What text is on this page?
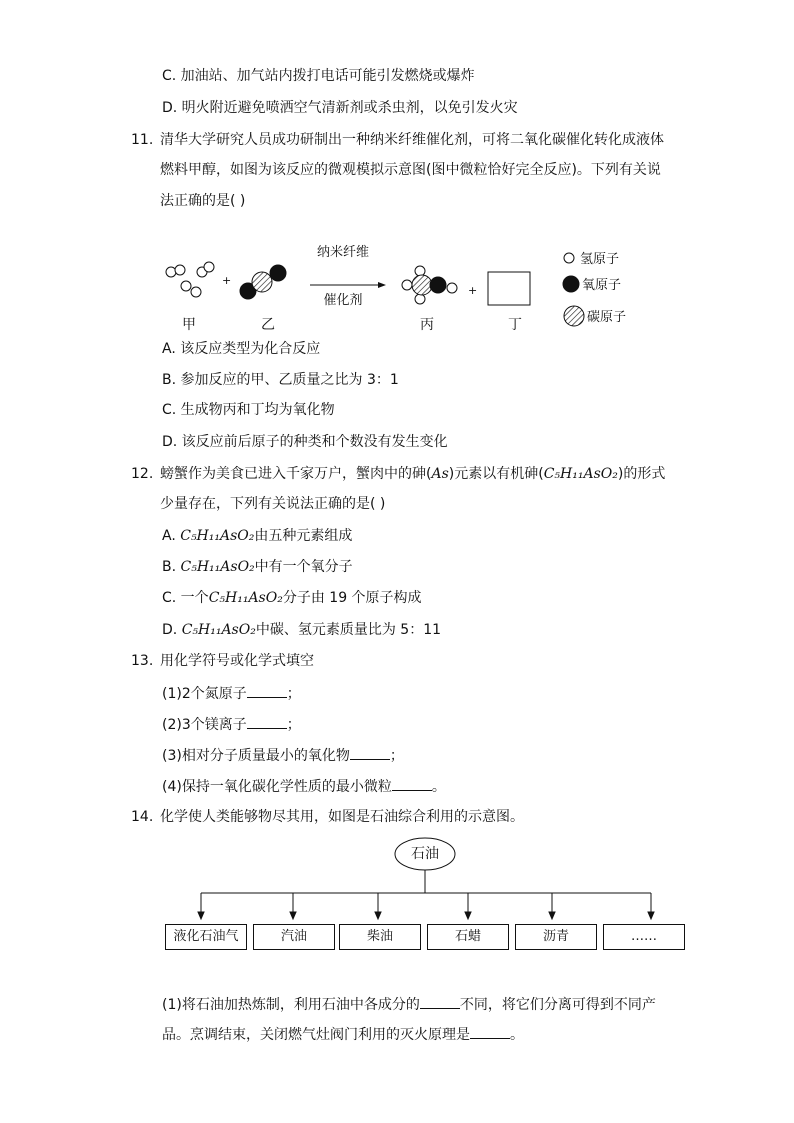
C. 加油站、加气站内拨打电话可能引发燃烧或爆炸
D. 明火附近避免喷洒空气清新剂或杀虫剂，以免引发火灾
11. 清华大学研究人员成功研制出一种纳米纤维催化剂，可将二氧化碳催化转化成液体
燃料甲醇，如图为该反应的微观模拟示意图(图中微粒恰好完全反应)。下列有关说
法正确的是( )
+
纳米纤维
催化剂
+
氢原子
氧原子
碳原子
甲	乙	丙	丁
A. 该反应类型为化合反应
B. 参加反应的甲、乙质量之比为 3：1
C. 生成物丙和丁均为氧化物
D. 该反应前后原子的种类和个数没有发生变化
12. 螃蟹作为美食已进入千家万户，蟹肉中的砷(As)元素以有机砷(C₅H₁₁AsO₂)的形式
少量存在，下列有关说法正确的是( )
A. C₅H₁₁AsO₂由五种元素组成
B. C₅H₁₁AsO₂中有一个氧分子
C. 一个C₅H₁₁AsO₂分子由 19 个原子构成
D. C₅H₁₁AsO₂中碳、氢元素质量比为 5：11
13. 用化学符号或化学式填空
(1)2个氮原子	；
(2)3个镁离子	；
(3)相对分子质量最小的氧化物	；
(4)保持一氧化碳化学性质的最小微粒	。
14. 化学使人类能够物尽其用，如图是石油综合利用的示意图。
石油
液化石油气	汽油	柴油	石蜡	沥青	……
(1)将石油加热炼制，利用石油中各成分的	不同，将它们分离可得到不同产
品。烹调结束，关闭燃气灶阀门利用的灭火原理是	。
